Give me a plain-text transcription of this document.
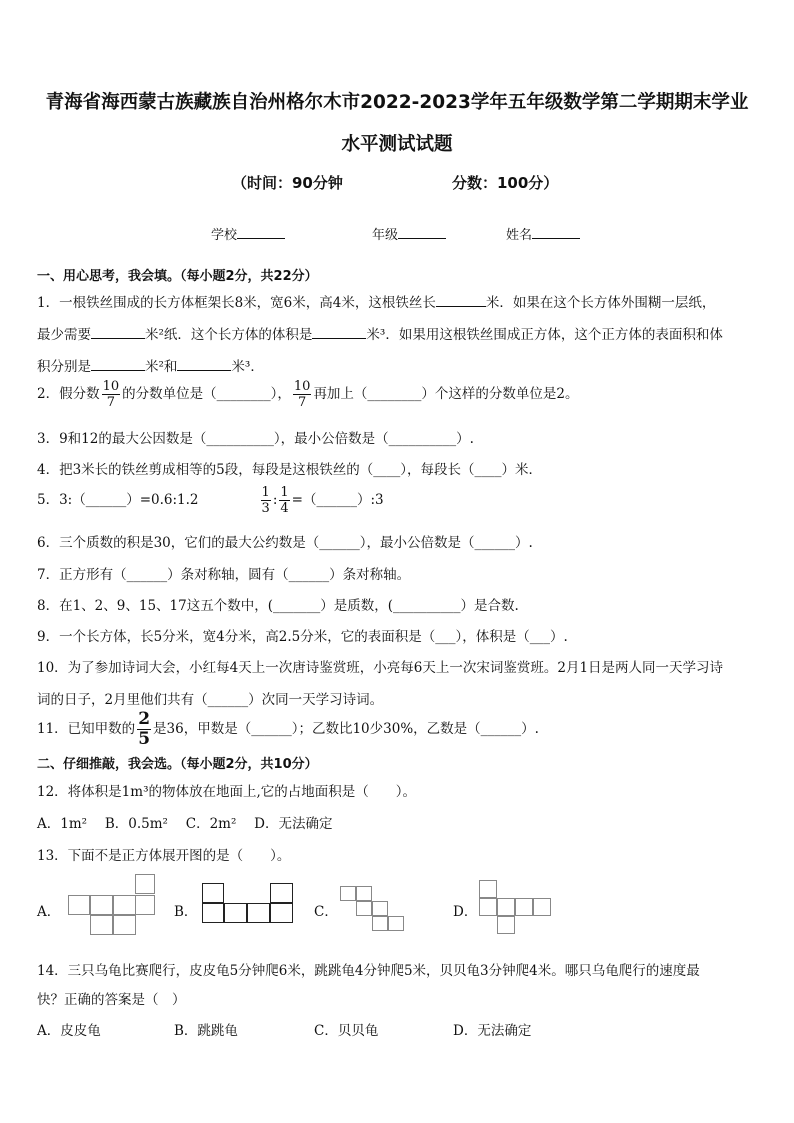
青海省海西蒙古族藏族自治州格尔木市2022-2023学年五年级数学第二学期期末学业
水平测试试题
（时间：90分钟	分数：100分）
学校	年级	姓名
一、用心思考，我会填。（每小题2分，共22分）
1．一根铁丝围成的长方体框架长8米，宽6米，高4米，这根铁丝长	米．如果在这个长方体外围糊一层纸，
最少需要	米²纸．这个长方体的体积是	米³．如果用这根铁丝围成正方体，这个正方体的表面积和体
积分别是	米²和	米³．
2．假分数 $\frac{10}{7}$ 的分数单位是（________）， $\frac{10}{7}$ 再加上（________）个这样的分数单位是2。
3．9和12的最大公因数是（__________），最小公倍数是（__________）.
4．把3米长的铁丝剪成相等的5段，每段是这根铁丝的（____），每段长（____）米．
5．3:（______）=0.6:1.2	$\frac{1}{3}$ : $\frac{1}{4}$ =（______）:3
6．三个质数的积是30，它们的最大公约数是（______），最小公倍数是（______）.
7．正方形有（______）条对称轴，圆有（______）条对称轴。
8．在1、2、9、15、17这五个数中，(_______）是质数，(__________）是合数.
9．一个长方体，长5分米，宽4分米，高2.5分米，它的表面积是（___），体积是（___）.
10．为了参加诗词大会，小红每4天上一次唐诗鉴赏班，小亮每6天上一次宋词鉴赏班。2月1日是两人同一天学习诗
词的日子，2月里他们共有（______）次同一天学习诗词。
11．已知甲数的 $\frac{2}{5}$ 是36，甲数是（______）；乙数比10少30%，乙数是（______）.
二、仔细推敲，我会选。（每小题2分，共10分）
12．将体积是1m³的物体放在地面上,它的占地面积是（　　）。
A．1m²　 B．0.5m²　 C．2m²　 D．无法确定
13．下面不是正方体展开图的是（　　）。
A．	B．	C．	D．
14．三只乌龟比赛爬行，皮皮龟5分钟爬6米，跳跳龟4分钟爬5米，贝贝龟3分钟爬4米。哪只乌龟爬行的速度最
快？正确的答案是（　）
A．皮皮龟	B．跳跳龟	C．贝贝龟	D．无法确定
